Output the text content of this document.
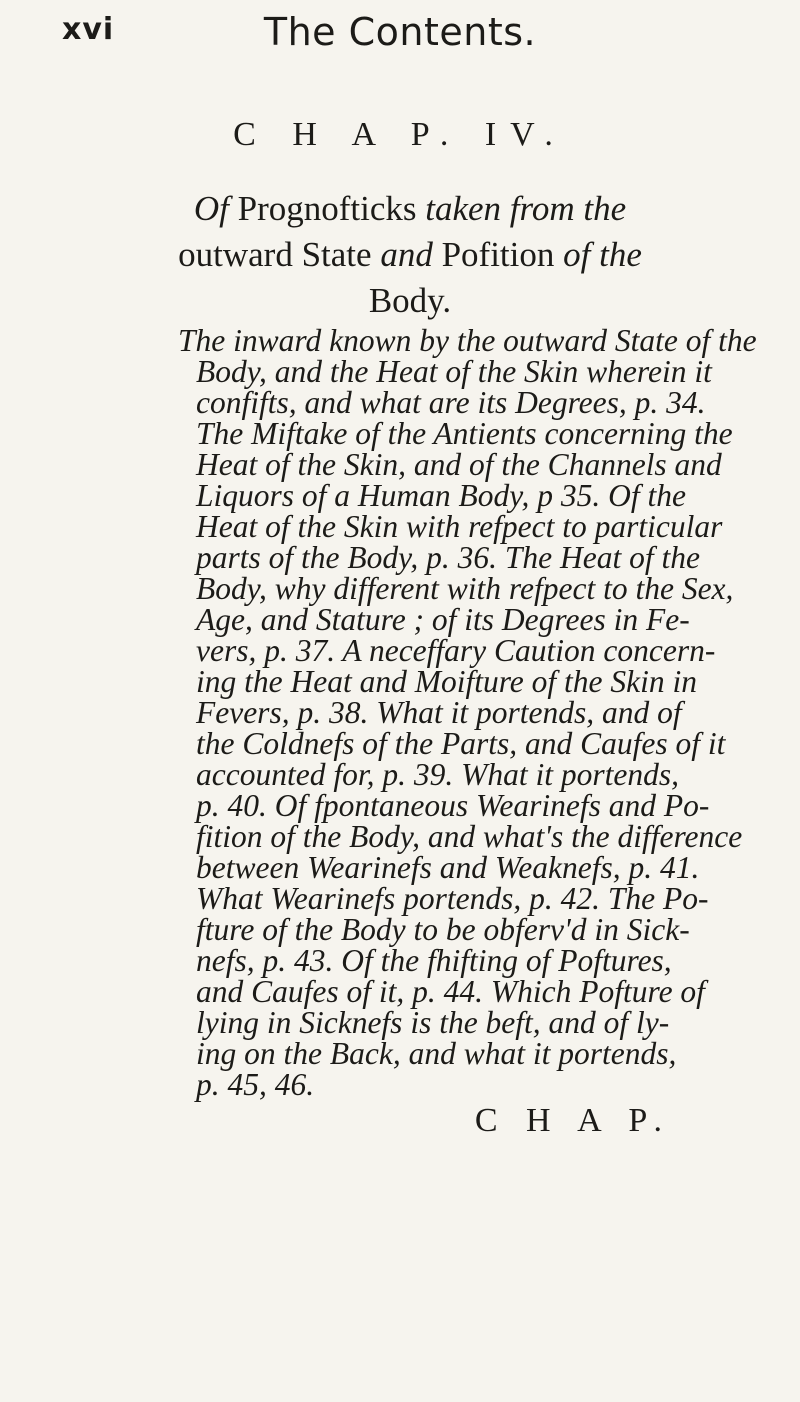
xvi	The Contents.
C H A P. IV.
Of Prognofticks taken from the outward State and Pofition of the Body.
The inward known by the outward State of the
Body, and the Heat of the Skin wherein it
confifts, and what are its Degrees, p. 34.
The Miftake of the Antients concerning the
Heat of the Skin, and of the Channels and
Liquors of a Human Body, p 35. Of the
Heat of the Skin with refpect to particular
parts of the Body, p. 36. The Heat of the
Body, why different with refpect to the Sex,
Age, and Stature ; of its Degrees in Fe-
vers, p. 37. A neceffary Caution concern-
ing the Heat and Moifture of the Skin in
Fevers, p. 38. What it portends, and of
the Coldnefs of the Parts, and Caufes of it
accounted for, p. 39. What it portends,
p. 40. Of fpontaneous Wearinefs and Po-
fition of the Body, and what's the difference
between Wearinefs and Weaknefs, p. 41.
What Wearinefs portends, p. 42. The Po-
fture of the Body to be obferv'd in Sick-
nefs, p. 43. Of the fhifting of Poftures,
and Caufes of it, p. 44. Which Pofture of
lying in Sicknefs is the beft, and of ly-
ing on the Back, and what it portends,
p. 45, 46.
C H A P.
